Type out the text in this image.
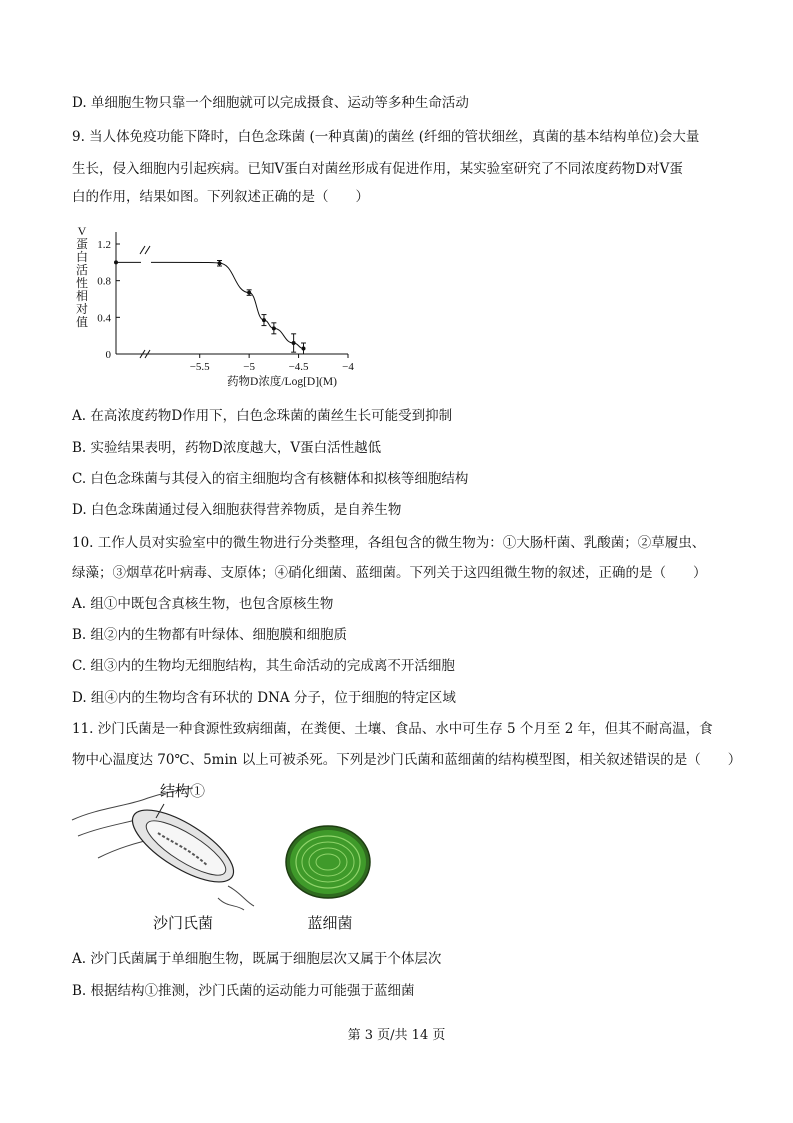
D. 单细胞生物只靠一个细胞就可以完成摄食、运动等多种生命活动
9. 当人体免疫功能下降时，白色念珠菌 (一种真菌)的菌丝 (纤细的管状细丝，真菌的基本结构单位)会大量
生长，侵入细胞内引起疾病。已知Ⅴ蛋白对菌丝形成有促进作用，某实验室研究了不同浓度药物D对Ⅴ蛋
白的作用，结果如图。下列叙述正确的是（　　）
V
蛋
白
活
性
相
对
值
0
0.4
0.8
1.2
−5.5	−5	−4.5	−4
药物D浓度/Log[D](M)
A. 在高浓度药物D作用下，白色念珠菌的菌丝生长可能受到抑制
B. 实验结果表明，药物D浓度越大，Ⅴ蛋白活性越低
C. 白色念珠菌与其侵入的宿主细胞均含有核糖体和拟核等细胞结构
D. 白色念珠菌通过侵入细胞获得营养物质，是自养生物
10. 工作人员对实验室中的微生物进行分类整理，各组包含的微生物为：①大肠杆菌、乳酸菌；②草履虫、
绿藻；③烟草花叶病毒、支原体；④硝化细菌、蓝细菌。下列关于这四组微生物的叙述，正确的是（　　）
A. 组①中既包含真核生物，也包含原核生物
B. 组②内的生物都有叶绿体、细胞膜和细胞质
C. 组③内的生物均无细胞结构，其生命活动的完成离不开活细胞
D. 组④内的生物均含有环状的 DNA 分子，位于细胞的特定区域
11. 沙门氏菌是一种食源性致病细菌，在粪便、土壤、食品、水中可生存 5 个月至 2 年，但其不耐高温，食
物中心温度达 70℃、5min 以上可被杀死。下列是沙门氏菌和蓝细菌的结构模型图，相关叙述错误的是（　　）
结构①
沙门氏菌	蓝细菌
A. 沙门氏菌属于单细胞生物，既属于细胞层次又属于个体层次
B. 根据结构①推测，沙门氏菌的运动能力可能强于蓝细菌
第 3 页/共 14 页
